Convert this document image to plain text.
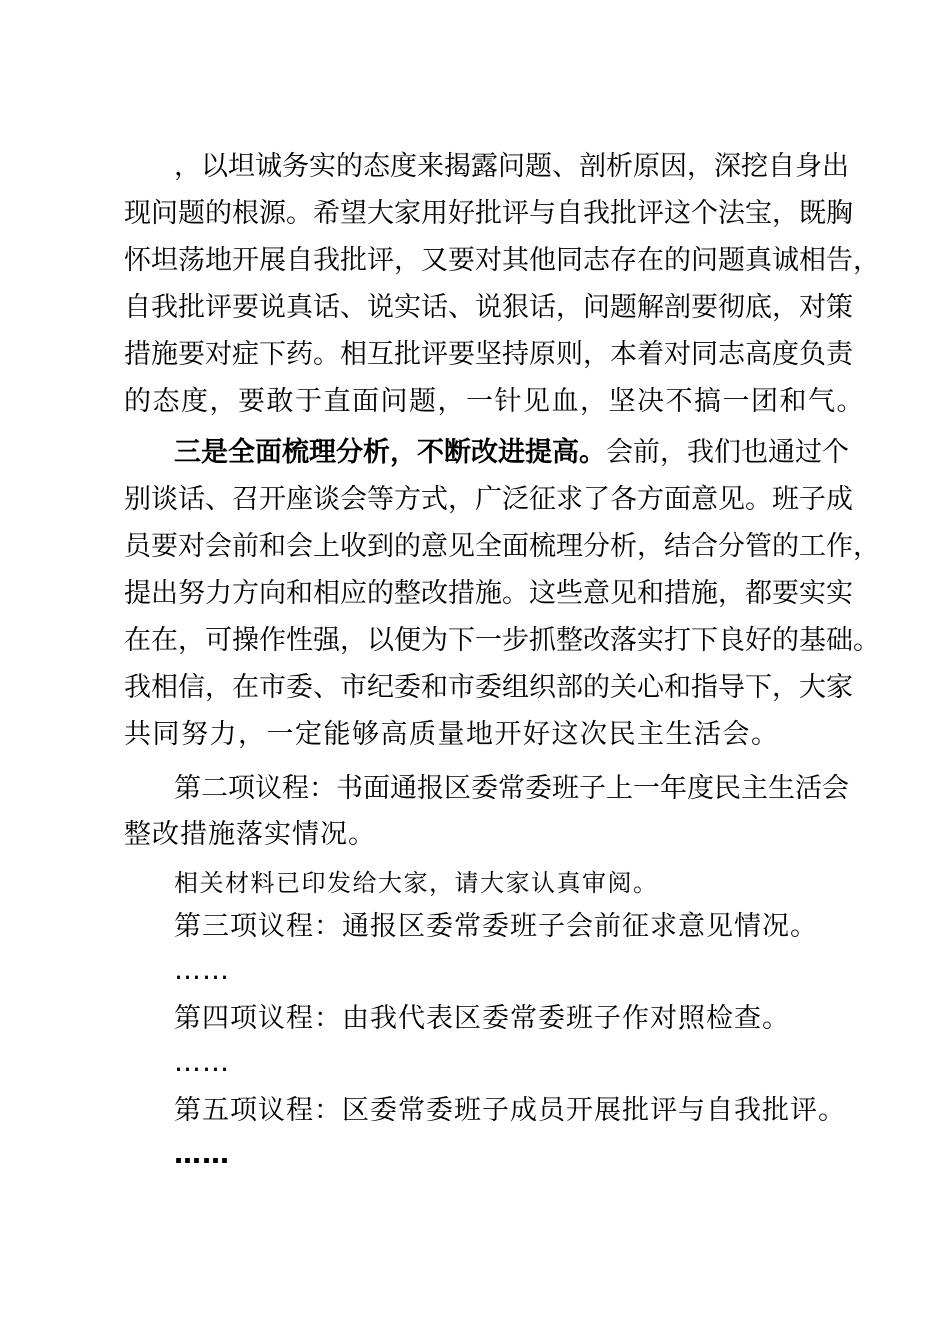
，以坦诚务实的态度来揭露问题、剖析原因，深挖自身出
现问题的根源。希望大家用好批评与自我批评这个法宝，既胸
怀坦荡地开展自我批评，又要对其他同志存在的问题真诚相告，
自我批评要说真话、说实话、说狠话，问题解剖要彻底，对策
措施要对症下药。相互批评要坚持原则，本着对同志高度负责
的态度，要敢于直面问题，一针见血，坚决不搞一团和气。
三是全面梳理分析，不断改进提高。会前，我们也通过个
别谈话、召开座谈会等方式，广泛征求了各方面意见。班子成
员要对会前和会上收到的意见全面梳理分析，结合分管的工作，
提出努力方向和相应的整改措施。这些意见和措施，都要实实
在在，可操作性强，以便为下一步抓整改落实打下良好的基础。
我相信，在市委、市纪委和市委组织部的关心和指导下，大家
共同努力，一定能够高质量地开好这次民主生活会。
第二项议程：书面通报区委常委班子上一年度民主生活会
整改措施落实情况。
相关材料已印发给大家，请大家认真审阅。
第三项议程：通报区委常委班子会前征求意见情况。
……
第四项议程：由我代表区委常委班子作对照检查。
……
第五项议程：区委常委班子成员开展批评与自我批评。
……
